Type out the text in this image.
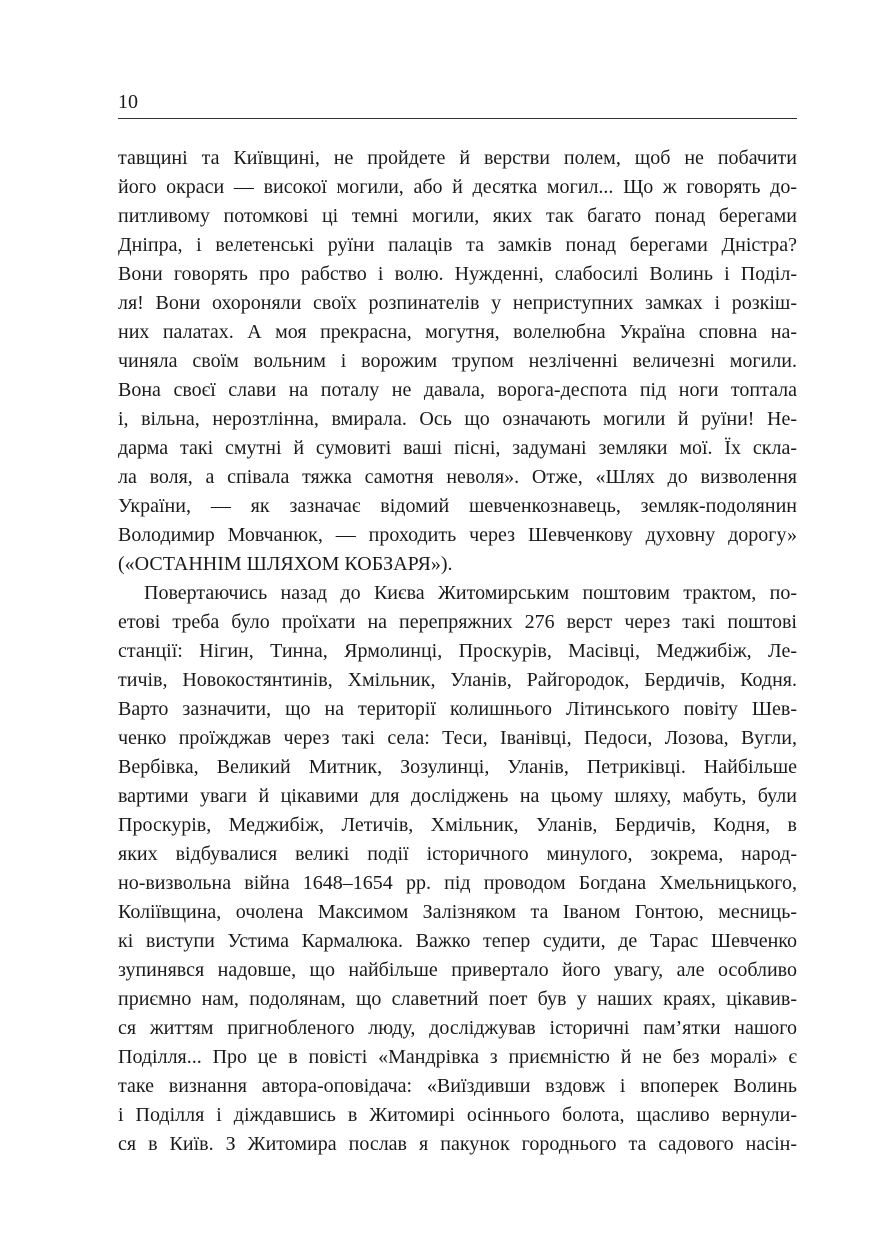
10
тавщині та Київщині, не пройдете й верстви полем, щоб не побачити
його окраси — високої могили, або й десятка могил... Що ж говорять до-
питливому потомкові ці темні могили, яких так багато понад берегами
Дніпра, і велетенські руїни палаців та замків понад берегами Дністра?
Вони говорять про рабство і волю. Нужденні, слабосилі Волинь і Поділ-
ля! Вони охороняли своїх розпинателів у неприступних замках і розкіш-
них палатах. А моя прекрасна, могутня, волелюбна Україна сповна на-
чиняла своїм вольним і ворожим трупом незліченні величезні могили.
Вона своєї слави на поталу не давала, ворога-деспота під ноги топтала
і, вільна, нерозтлінна, вмирала. Ось що означають могили й руїни! Не-
дарма такі смутні й сумовиті ваші пісні, задумані земляки мої. Їх скла-
ла воля, а співала тяжка самотня неволя». Отже, «Шлях до визволення
України, — як зазначає відомий шевченкознавець, земляк-подолянин
Володимир Мовчанюк, — проходить через Шевченкову духовну дорогу»
(«ОСТАННІМ ШЛЯХОМ КОБЗАРЯ»).
Повертаючись назад до Києва Житомирським поштовим трактом, по-
етові треба було проїхати на перепряжних 276 верст через такі поштові
станції: Нігин, Тинна, Ярмолинці, Проскурів, Масівці, Меджибіж, Ле-
тичів, Новокостянтинів, Хмільник, Уланів, Райгородок, Бердичів, Кодня.
Варто зазначити, що на території колишнього Літинського повіту Шев-
ченко проїжджав через такі села: Теси, Іванівці, Педоси, Лозова, Вугли,
Вербівка, Великий Митник, Зозулинці, Уланів, Петриківці. Найбільше
вартими уваги й цікавими для досліджень на цьому шляху, мабуть, були
Проскурів, Меджибіж, Летичів, Хмільник, Уланів, Бердичів, Кодня, в
яких відбувалися великі події історичного минулого, зокрема, народ-
но-визвольна війна 1648–1654 рр. під проводом Богдана Хмельницького,
Коліївщина, очолена Максимом Залізняком та Іваном Гонтою, месниць-
кі виступи Устима Кармалюка. Важко тепер судити, де Тарас Шевченко
зупинявся надовше, що найбільше привертало його увагу, але особливо
приємно нам, подолянам, що славетний поет був у наших краях, цікавив-
ся життям пригнобленого люду, досліджував історичні пам’ятки нашого
Поділля... Про це в повісті «Мандрівка з приємністю й не без моралі» є
таке визнання автора-оповідача: «Виїздивши вздовж і впоперек Волинь
і Поділля і діждавшись в Житомирі осіннього болота, щасливо вернули-
ся в Київ. З Житомира послав я пакунок городнього та садового насін-
